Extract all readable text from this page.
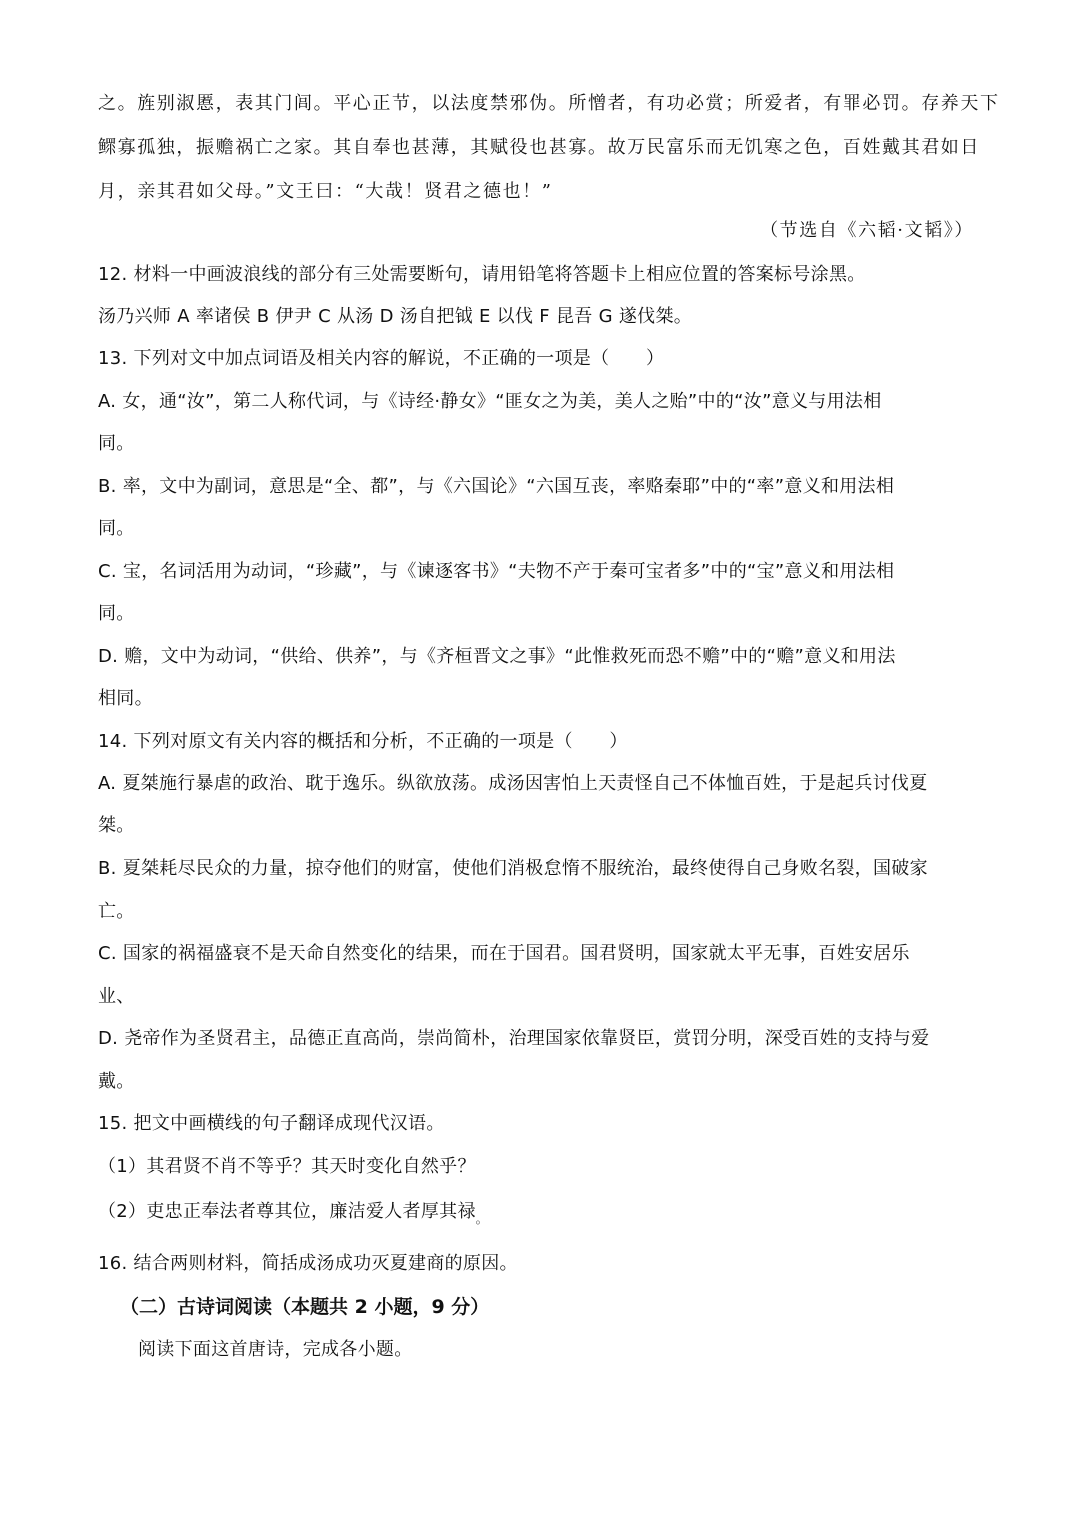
之。旌别淑慝，表其门闾。平心正节，以法度禁邪伪。所憎者，有功必赏；所爱者，有罪必罚。存养天下
鳏寡孤独，振赡祸亡之家。其自奉也甚薄，其赋役也甚寡。故万民富乐而无饥寒之色，百姓戴其君如日
月，亲其君如父母。”文王曰：“大哉！贤君之德也！”
（节选自《六韬·文韬》）
12. 材料一中画波浪线的部分有三处需要断句，请用铅笔将答题卡上相应位置的答案标号涂黑。
汤乃兴师 A 率诸侯 B 伊尹 C 从汤 D 汤自把钺 E 以伐 F 昆吾 G 遂伐桀。
13. 下列对文中加点词语及相关内容的解说，不正确的一项是（　　）
A. 女，通“汝”，第二人称代词，与《诗经·静女》“匪女之为美，美人之贻”中的“汝”意义与用法相
同。
B. 率，文中为副词，意思是“全、都”，与《六国论》“六国互丧，率赂秦耶”中的“率”意义和用法相
同。
C. 宝，名词活用为动词，“珍藏”，与《谏逐客书》“夫物不产于秦可宝者多”中的“宝”意义和用法相
同。
D. 赡，文中为动词，“供给、供养”，与《齐桓晋文之事》“此惟救死而恐不赡”中的“赡”意义和用法
相同。
14. 下列对原文有关内容的概括和分析，不正确的一项是（　　）
A. 夏桀施行暴虐的政治、耽于逸乐。纵欲放荡。成汤因害怕上天责怪自己不体恤百姓，于是起兵讨伐夏
桀。
B. 夏桀耗尽民众的力量，掠夺他们的财富，使他们消极怠惰不服统治，最终使得自己身败名裂，国破家
亡。
C. 国家的祸福盛衰不是天命自然变化的结果，而在于国君。国君贤明，国家就太平无事，百姓安居乐
业、
D. 尧帝作为圣贤君主，品德正直高尚，崇尚简朴，治理国家依靠贤臣，赏罚分明，深受百姓的支持与爱
戴。
15. 把文中画横线的句子翻译成现代汉语。
（1）其君贤不肖不等乎？其天时变化自然乎？
（2）吏忠正奉法者尊其位，廉洁爱人者厚其禄$_。$
16. 结合两则材料，简括成汤成功灭夏建商的原因。
（二）古诗词阅读（本题共 2 小题，9 分）
阅读下面这首唐诗，完成各小题。
